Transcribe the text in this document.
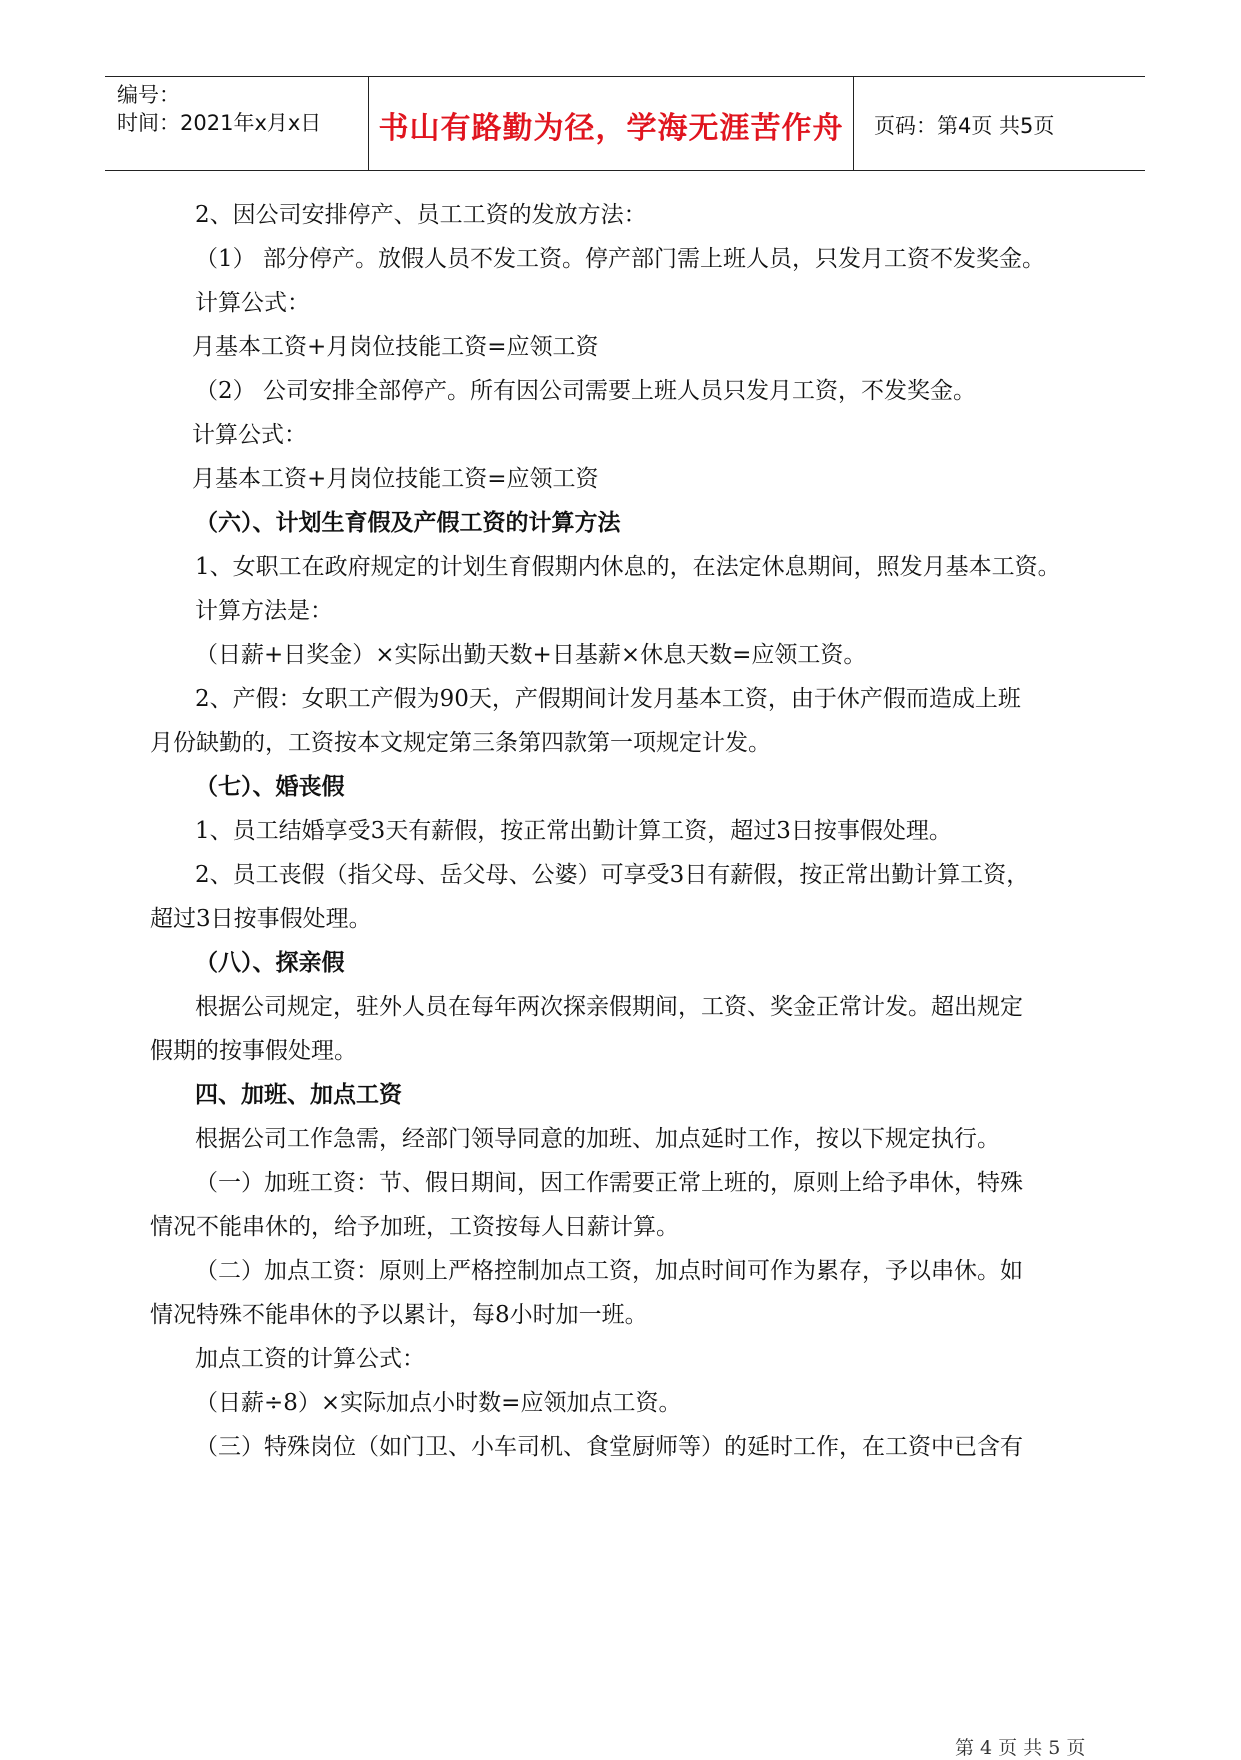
编号：
时间：2021年x月x日	书山有路勤为径，学海无涯苦作舟	页码：第4页 共5页
2、因公司安排停产、员工工资的发放方法：
（1） 部分停产。放假人员不发工资。停产部门需上班人员，只发月工资不发奖金。
计算公式：
月基本工资+月岗位技能工资=应领工资
（2） 公司安排全部停产。所有因公司需要上班人员只发月工资，不发奖金。
计算公式：
月基本工资+月岗位技能工资=应领工资
（六）、计划生育假及产假工资的计算方法
1、女职工在政府规定的计划生育假期内休息的，在法定休息期间，照发月基本工资。
计算方法是：
（日薪+日奖金）×实际出勤天数+日基薪×休息天数=应领工资。
2、产假：女职工产假为90天，产假期间计发月基本工资，由于休产假而造成上班
月份缺勤的，工资按本文规定第三条第四款第一项规定计发。
（七）、婚丧假
1、员工结婚享受3天有薪假，按正常出勤计算工资，超过3日按事假处理。
2、员工丧假（指父母、岳父母、公婆）可享受3日有薪假，按正常出勤计算工资，
超过3日按事假处理。
（八）、探亲假
根据公司规定，驻外人员在每年两次探亲假期间，工资、奖金正常计发。超出规定
假期的按事假处理。
四、加班、加点工资
根据公司工作急需，经部门领导同意的加班、加点延时工作，按以下规定执行。
（一）加班工资：节、假日期间，因工作需要正常上班的，原则上给予串休，特殊
情况不能串休的，给予加班，工资按每人日薪计算。
（二）加点工资：原则上严格控制加点工资，加点时间可作为累存，予以串休。如
情况特殊不能串休的予以累计，每8小时加一班。
加点工资的计算公式：
（日薪÷8）×实际加点小时数=应领加点工资。
（三）特殊岗位（如门卫、小车司机、食堂厨师等）的延时工作，在工资中已含有
第 4 页 共 5 页
